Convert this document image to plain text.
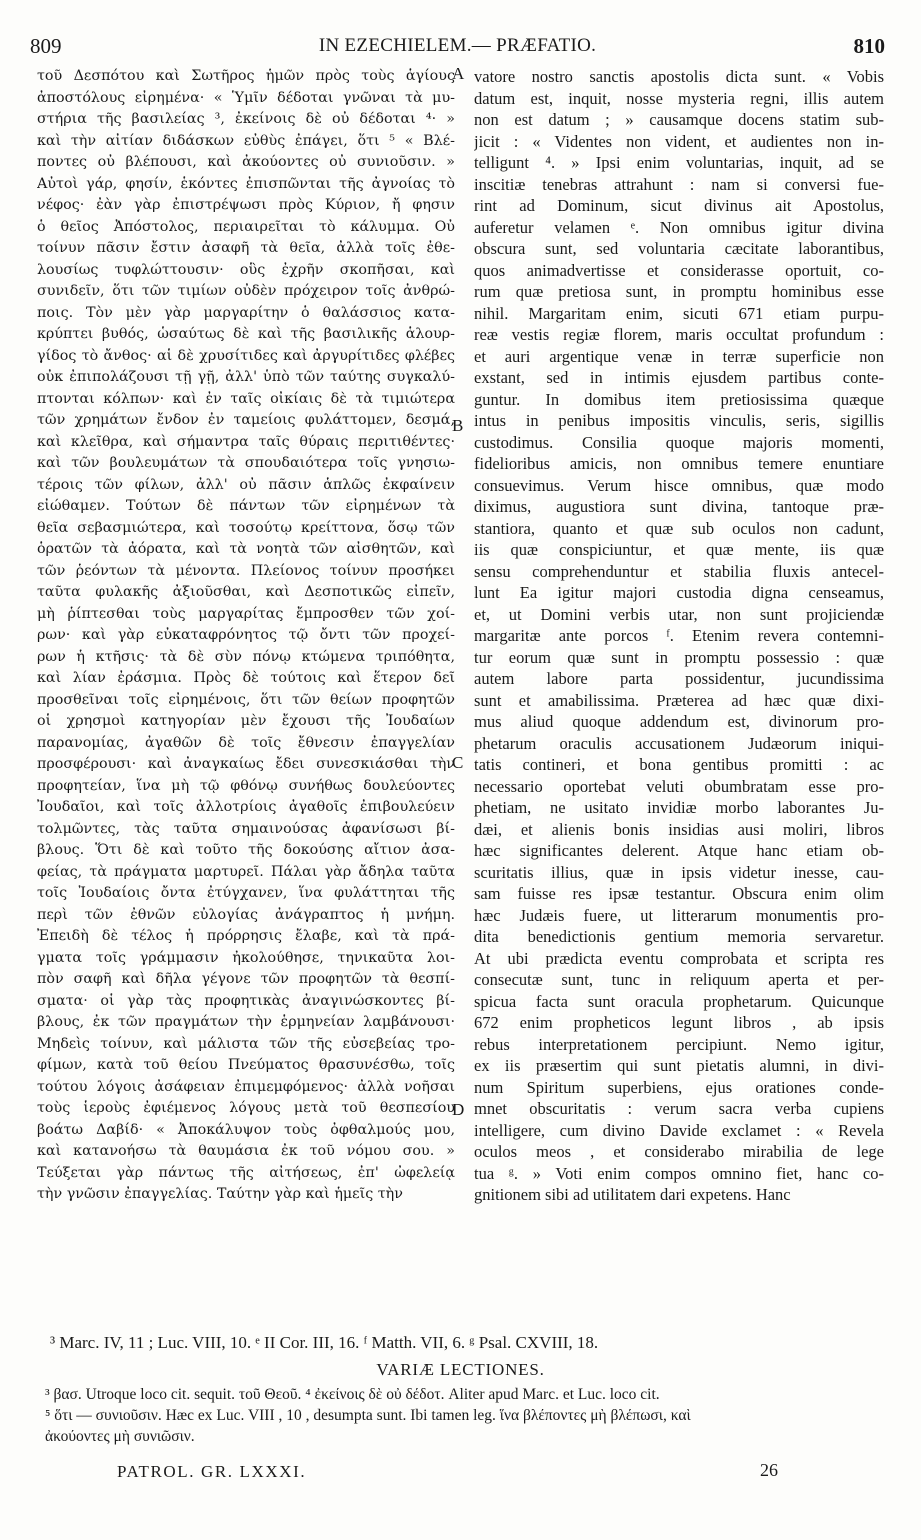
809	IN EZECHIELEM.— PRÆFATIO.	810
τοῦ Δεσπότου καὶ Σωτῆρος ἡμῶν πρὸς τοὺς ἁγίους
ἀποστόλους εἰρημένα· « Ὑμῖν δέδοται γνῶναι τὰ μυ-
στήρια τῆς βασιλείας ³, ἐκείνοις δὲ οὐ δέδοται ⁴· »
καὶ τὴν αἰτίαν διδάσκων εὐθὺς ἐπάγει, ὅτι ⁵ « Βλέ-
ποντες οὐ βλέπουσι, καὶ ἀκούοντες οὐ συνιοῦσιν. »
Αὐτοὶ γάρ, φησίν, ἑκόντες ἐπισπῶνται τῆς ἀγνοίας τὸ
νέφος· ἐὰν γὰρ ἐπιστρέψωσι πρὸς Κύριον, ἤ φησιν
ὁ θεῖος Ἀπόστολος, περιαιρεῖται τὸ κάλυμμα. Οὐ
τοίνυν πᾶσιν ἔστιν ἀσαφῆ τὰ θεῖα, ἀλλὰ τοῖς ἐθε-
λουσίως τυφλώττουσιν· οὓς ἐχρῆν σκοπῆσαι, καὶ
συνιδεῖν, ὅτι τῶν τιμίων οὐδὲν πρόχειρον τοῖς ἀνθρώ-
ποις. Τὸν μὲν γὰρ μαργαρίτην ὁ θαλάσσιος κατα-
κρύπτει βυθός, ὡσαύτως δὲ καὶ τῆς βασιλικῆς ἁλουρ-
γίδος τὸ ἄνθος· αἱ δὲ χρυσίτιδες καὶ ἀργυρίτιδες φλέβες
οὐκ ἐπιπολάζουσι τῇ γῇ, ἀλλ' ὑπὸ τῶν ταύτης συγκαλύ-
πτονται κόλπων· καὶ ἐν ταῖς οἰκίαις δὲ τὰ τιμιώτερα
τῶν χρημάτων ἔνδον ἐν ταμείοις φυλάττομεν, δεσμά,
καὶ κλεῖθρα, καὶ σήμαντρα ταῖς θύραις περιτιθέντες·
καὶ τῶν βουλευμάτων τὰ σπουδαιότερα τοῖς γνησιω-
τέροις τῶν φίλων, ἀλλ' οὐ πᾶσιν ἁπλῶς ἐκφαίνειν
εἰώθαμεν. Τούτων δὲ πάντων τῶν εἰρημένων τὰ
θεῖα σεβασμιώτερα, καὶ τοσούτῳ κρείττονα, ὅσῳ τῶν
ὁρατῶν τὰ ἀόρατα, καὶ τὰ νοητὰ τῶν αἰσθητῶν, καὶ
τῶν ῥεόντων τὰ μένοντα. Πλείονος τοίνυν προσήκει
ταῦτα φυλακῆς ἀξιοῦσθαι, καὶ Δεσποτικῶς εἰπεῖν,
μὴ ῥίπτεσθαι τοὺς μαργαρίτας ἔμπροσθεν τῶν χοί-
ρων· καὶ γὰρ εὐκαταφρόνητος τῷ ὄντι τῶν προχεί-
ρων ἡ κτῆσις· τὰ δὲ σὺν πόνῳ κτώμενα τριπόθητα,
καὶ λίαν ἐράσμια. Πρὸς δὲ τούτοις καὶ ἕτερον δεῖ
προσθεῖναι τοῖς εἰρημένοις, ὅτι τῶν θείων προφητῶν
οἱ χρησμοὶ κατηγορίαν μὲν ἔχουσι τῆς Ἰουδαίων
παρανομίας, ἀγαθῶν δὲ τοῖς ἔθνεσιν ἐπαγγελίαν
προσφέρουσι· καὶ ἀναγκαίως ἔδει συνεσκιάσθαι τὴν
προφητείαν, ἵνα μὴ τῷ φθόνῳ συνήθως δουλεύοντες
Ἰουδαῖοι, καὶ τοῖς ἀλλοτρίοις ἀγαθοῖς ἐπιβουλεύειν
τολμῶντες, τὰς ταῦτα σημαινούσας ἀφανίσωσι βί-
βλους. Ὅτι δὲ καὶ τοῦτο τῆς δοκούσης αἴτιον ἀσα-
φείας, τὰ πράγματα μαρτυρεῖ. Πάλαι γὰρ ἄδηλα ταῦτα
τοῖς Ἰουδαίοις ὄντα ἐτύγχανεν, ἵνα φυλάττηται τῆς
περὶ τῶν ἐθνῶν εὐλογίας ἀνάγραπτος ἡ μνήμη.
Ἐπειδὴ δὲ τέλος ἡ πρόρρησις ἔλαβε, καὶ τὰ πρά-
γματα τοῖς γράμμασιν ἠκολούθησε, τηνικαῦτα λοι-
πὸν σαφῆ καὶ δῆλα γέγονε τῶν προφητῶν τὰ θεσπί-
σματα· οἱ γὰρ τὰς προφητικὰς ἀναγινώσκοντες βί-
βλους, ἐκ τῶν πραγμάτων τὴν ἑρμηνείαν λαμβάνουσι·
Μηδεὶς τοίνυν, καὶ μάλιστα τῶν τῆς εὐσεβείας τρο-
φίμων, κατὰ τοῦ θείου Πνεύματος θρασυνέσθω, τοῖς
τούτου λόγοις ἀσάφειαν ἐπιμεμφόμενος· ἀλλὰ νοῆσαι
τοὺς ἱεροὺς ἐφιέμενος λόγους μετὰ τοῦ θεσπεσίου
βοάτω Δαβίδ· « Ἀποκάλυψον τοὺς ὀφθαλμούς μου,
καὶ κατανοήσω τὰ θαυμάσια ἐκ τοῦ νόμου σου. »
Τεύξεται γὰρ πάντως τῆς αἰτήσεως, ἐπ' ὠφελείᾳ
τὴν γνῶσιν ἐπαγγελίας. Ταύτην γὰρ καὶ ἡμεῖς τὴν
vatore nostro sanctis apostolis dicta sunt. « Vobis
datum est, inquit, nosse mysteria regni, illis autem
non est datum ; » causamque docens statim sub-
jicit : « Videntes non vident, et audientes non in-
telligunt ⁴. » Ipsi enim voluntarias, inquit, ad se
inscitiæ tenebras attrahunt : nam si conversi fue-
rint ad Dominum, sicut divinus ait Apostolus,
auferetur velamen ᵉ. Non omnibus igitur divina
obscura sunt, sed voluntaria cæcitate laborantibus,
quos animadvertisse et considerasse oportuit, co-
rum quæ pretiosa sunt, in promptu hominibus esse
nihil. Margaritam enim, sicuti 671 etiam purpu-
reæ vestis regiæ florem, maris occultat profundum :
et auri argentique venæ in terræ superficie non
exstant, sed in intimis ejusdem partibus conte-
guntur. In domibus item pretiosissima quæque
intus in penibus impositis vinculis, seris, sigillis
custodimus. Consilia quoque majoris momenti,
fidelioribus amicis, non omnibus temere enuntiare
consuevimus. Verum hisce omnibus, quæ modo
diximus, augustiora sunt divina, tantoque præ-
stantiora, quanto et quæ sub oculos non cadunt,
iis quæ conspiciuntur, et quæ mente, iis quæ
sensu comprehenduntur et stabilia fluxis antecel-
lunt Ea igitur majori custodia digna censeamus,
et, ut Domini verbis utar, non sunt projiciendæ
margaritæ ante porcos ᶠ. Etenim revera contemni-
tur eorum quæ sunt in promptu possessio : quæ
autem labore parta possidentur, jucundissima
sunt et amabilissima. Præterea ad hæc quæ dixi-
mus aliud quoque addendum est, divinorum pro-
phetarum oraculis accusationem Judæorum iniqui-
tatis contineri, et bona gentibus promitti : ac
necessario oportebat veluti obumbratam esse pro-
phetiam, ne usitato invidiæ morbo laborantes Ju-
dæi, et alienis bonis insidias ausi moliri, libros
hæc significantes delerent. Atque hanc etiam ob-
scuritatis illius, quæ in ipsis videtur inesse, cau-
sam fuisse res ipsæ testantur. Obscura enim olim
hæc Judæis fuere, ut litterarum monumentis pro-
dita benedictionis gentium memoria servaretur.
At ubi prædicta eventu comprobata et scripta res
consecutæ sunt, tunc in reliquum aperta et per-
spicua facta sunt oracula prophetarum. Quicunque
672 enim propheticos legunt libros , ab ipsis
rebus interpretationem percipiunt. Nemo igitur,
ex iis præsertim qui sunt pietatis alumni, in divi-
num Spiritum superbiens, ejus orationes conde-
mnet obscuritatis : verum sacra verba cupiens
intelligere, cum divino Davide exclamet : « Revela
oculos meos , et considerabo mirabilia de lege
tua ᵍ. » Voti enim compos omnino fiet, hanc co-
gnitionem sibi ad utilitatem dari expetens. Hanc
A
B
C
D
³ Marc. IV, 11 ; Luc. VIII, 10. ᵉ II Cor. III, 16. ᶠ Matth. VII, 6. ᵍ Psal. CXVIII, 18.
VARIÆ LECTIONES.
³ βασ. Utroque loco cit. sequit. τοῦ Θεοῦ. ⁴ ἐκείνοις δὲ οὐ δέδοτ. Aliter apud Marc. et Luc. loco cit.
⁵ ὅτι — συνιοῦσιν. Hæc ex Luc. VIII , 10 , desumpta sunt. Ibi tamen leg. ἵνα βλέποντες μὴ βλέπωσι, καὶ
ἀκούοντες μὴ συνιῶσιν.
PATROL. GR. LXXXI.	26
